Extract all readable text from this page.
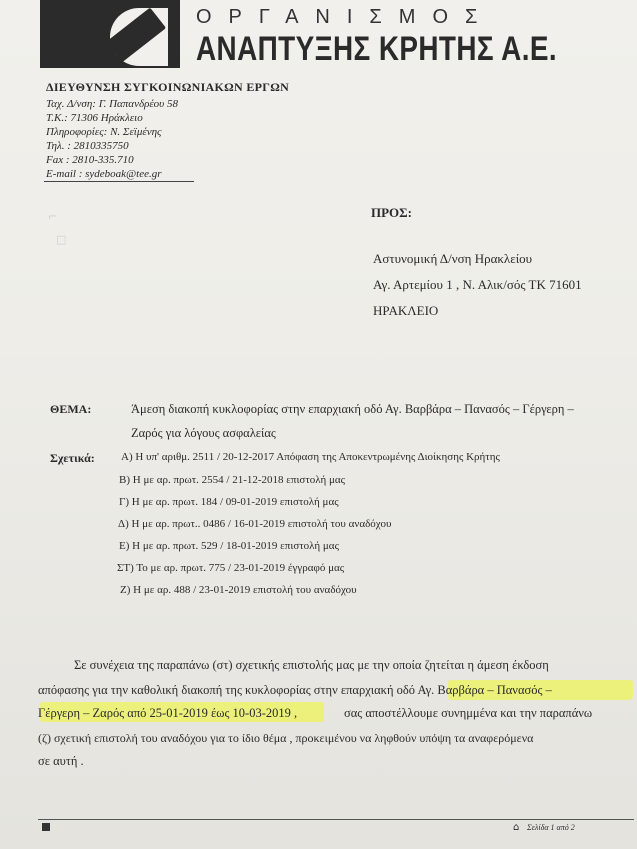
ΟΡΓΑΝΙΣΜΟΣ
ΑΝΑΠΤΥΞΗΣ ΚΡΗΤΗΣ Α.Ε.
ΔΙΕΥΘΥΝΣΗ ΣΥΓΚΟΙΝΩΝΙΑΚΩΝ ΕΡΓΩΝ
Ταχ. Δ/νση: Γ. Παπανδρέου 58
Τ.Κ.: 71306 Ηράκλειο
Πληροφορίες: Ν. Σεϊμένης
Τηλ. : 2810335750
Fax : 2810-335.710
E-mail : sydeboak@tee.gr
⌐
□
ΠΡΟΣ:
Αστυνομική Δ/νση Ηρακλείου
Αγ. Αρτεμίου 1 , Ν. Αλικ/σός ΤΚ 71601
ΗΡΑΚΛΕΙΟ
ΘΕΜΑ:	Άμεση διακοπή κυκλοφορίας στην επαρχιακή οδό Αγ. Βαρβάρα – Πανασός – Γέργερη –
Ζαρός για λόγους ασφαλείας
Σχετικά: Α) Η υπ' αριθμ. 2511 / 20-12-2017 Απόφαση της Αποκεντρωμένης Διοίκησης Κρήτης
Β) Η με αρ. πρωτ. 2554 / 21-12-2018 επιστολή μας
Γ) Η με αρ. πρωτ. 184 / 09-01-2019 επιστολή μας
Δ) Η με αρ. πρωτ.. 0486 / 16-01-2019 επιστολή του αναδόχου
Ε) Η με αρ. πρωτ. 529 / 18-01-2019 επιστολή μας
ΣΤ) Το με αρ. πρωτ. 775 / 23-01-2019 έγγραφό μας
Ζ) Η με αρ. 488 / 23-01-2019 επιστολή του αναδόχου
Σε συνέχεια της παραπάνω (στ) σχετικής επιστολής μας με την οποία ζητείται η άμεση έκδοση
απόφασης για την καθολική διακοπή της κυκλοφορίας στην επαρχιακή οδό Αγ. Βαρβάρα – Πανασός –
Γέργερη – Ζαρός από 25-01-2019 έως 10-03-2019 ,	σας αποστέλλουμε συνημμένα και την παραπάνω
(ζ) σχετική επιστολή του αναδόχου για το ίδιο θέμα , προκειμένου να ληφθούν υπόψη τα αναφερόμενα
σε αυτή .
⌂ Σελίδα 1 από 2
